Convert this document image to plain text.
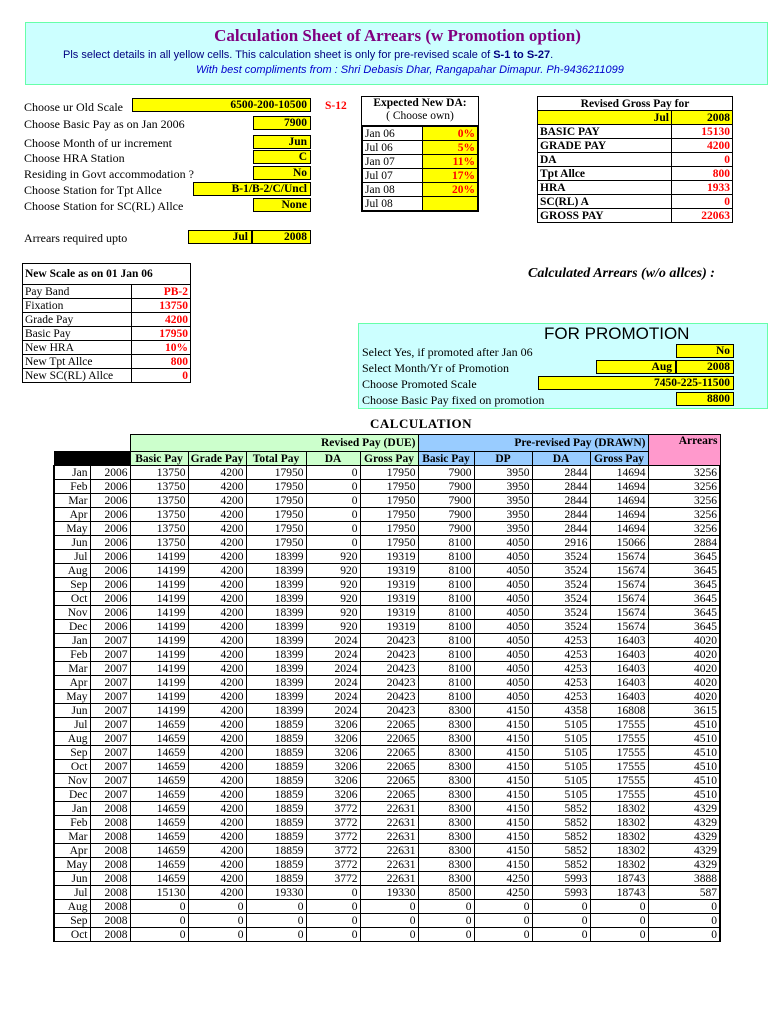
Calculation Sheet of Arrears (w Promotion option)
Pls select details in all yellow cells. This calculation sheet is only for pre-revised scale of S-1 to S-27.
With best compliments from : Shri Debasis Dhar, Rangapahar Dimapur. Ph-9436211099
Choose ur Old Scale	6500-200-10500	S-12
Choose Basic Pay as on Jan 2006	7900
Choose Month of ur increment	Jun
Choose HRA Station	C
Residing in Govt accommodation ?	No
Choose Station for Tpt Allce	B-1/B-2/C/Uncl
Choose Station for SC(RL) Allce	None
Arrears required upto	Jul	2008
Expected New DA:
( Choose own)
Jan 06	0%
Jul 06	5%
Jan 07	11%
Jul 07	17%
Jan 08	20%
Jul 08	
Revised Gross Pay for	
Jul	2008
BASIC PAY	15130
GRADE PAY	4200
DA	0
Tpt Allce	800
HRA	1933
SC(RL) A	0
GROSS PAY	22063
Calculated Arrears (w/o allces) :
New Scale as on 01 Jan 06	
Pay Band	PB-2
Fixation	13750
Grade Pay	4200
Basic Pay	17950
New HRA	10%
New Tpt Allce	800
New SC(RL) Allce	0
FOR PROMOTION
Select Yes, if promoted after Jan 06	No
Select Month/Yr of Promotion	Aug	2008
Choose Promoted Scale	7450-225-11500
Choose Basic Pay fixed on promotion	8800
CALCULATION
		Revised Pay (DUE)					Pre-revised Pay (DRAWN)				Arrears
		Basic Pay	Grade Pay	Total Pay	DA	Gross Pay	Basic Pay	DP	DA	Gross Pay	
Jan	2006	13750	4200	17950	0	17950	7900	3950	2844	14694	3256
Feb	2006	13750	4200	17950	0	17950	7900	3950	2844	14694	3256
Mar	2006	13750	4200	17950	0	17950	7900	3950	2844	14694	3256
Apr	2006	13750	4200	17950	0	17950	7900	3950	2844	14694	3256
May	2006	13750	4200	17950	0	17950	7900	3950	2844	14694	3256
Jun	2006	13750	4200	17950	0	17950	8100	4050	2916	15066	2884
Jul	2006	14199	4200	18399	920	19319	8100	4050	3524	15674	3645
Aug	2006	14199	4200	18399	920	19319	8100	4050	3524	15674	3645
Sep	2006	14199	4200	18399	920	19319	8100	4050	3524	15674	3645
Oct	2006	14199	4200	18399	920	19319	8100	4050	3524	15674	3645
Nov	2006	14199	4200	18399	920	19319	8100	4050	3524	15674	3645
Dec	2006	14199	4200	18399	920	19319	8100	4050	3524	15674	3645
Jan	2007	14199	4200	18399	2024	20423	8100	4050	4253	16403	4020
Feb	2007	14199	4200	18399	2024	20423	8100	4050	4253	16403	4020
Mar	2007	14199	4200	18399	2024	20423	8100	4050	4253	16403	4020
Apr	2007	14199	4200	18399	2024	20423	8100	4050	4253	16403	4020
May	2007	14199	4200	18399	2024	20423	8100	4050	4253	16403	4020
Jun	2007	14199	4200	18399	2024	20423	8300	4150	4358	16808	3615
Jul	2007	14659	4200	18859	3206	22065	8300	4150	5105	17555	4510
Aug	2007	14659	4200	18859	3206	22065	8300	4150	5105	17555	4510
Sep	2007	14659	4200	18859	3206	22065	8300	4150	5105	17555	4510
Oct	2007	14659	4200	18859	3206	22065	8300	4150	5105	17555	4510
Nov	2007	14659	4200	18859	3206	22065	8300	4150	5105	17555	4510
Dec	2007	14659	4200	18859	3206	22065	8300	4150	5105	17555	4510
Jan	2008	14659	4200	18859	3772	22631	8300	4150	5852	18302	4329
Feb	2008	14659	4200	18859	3772	22631	8300	4150	5852	18302	4329
Mar	2008	14659	4200	18859	3772	22631	8300	4150	5852	18302	4329
Apr	2008	14659	4200	18859	3772	22631	8300	4150	5852	18302	4329
May	2008	14659	4200	18859	3772	22631	8300	4150	5852	18302	4329
Jun	2008	14659	4200	18859	3772	22631	8300	4250	5993	18743	3888
Jul	2008	15130	4200	19330	0	19330	8500	4250	5993	18743	587
Aug	2008	0	0	0	0	0	0	0	0	0	0
Sep	2008	0	0	0	0	0	0	0	0	0	0
Oct	2008	0	0	0	0	0	0	0	0	0	0
